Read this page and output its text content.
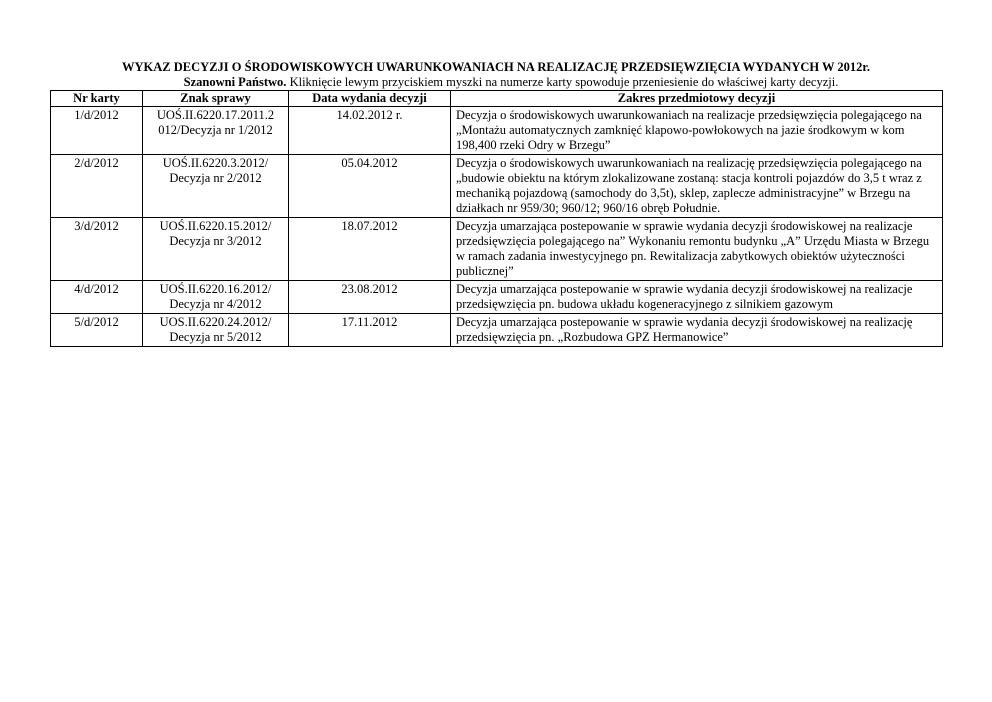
WYKAZ DECYZJI O ŚRODOWISKOWYCH UWARUNKOWANIACH NA REALIZACJĘ PRZEDSIĘWZIĘCIA WYDANYCH W 2012r.

Szanowni Państwo. Kliknięcie lewym przyciskiem myszki na numerze karty spowoduje przeniesienie do właściwej karty decyzji.

Nr karty	Znak sprawy	Data wydania decyzji	Zakres przedmiotowy decyzji
1/d/2012	UOŚ.II.6220.17.2011.2 012/Decyzja nr 1/2012	14.02.2012 r.	Decyzja o środowiskowych uwarunkowaniach na realizacje przedsięwzięcia polegającego na „Montażu automatycznych zamknięć klapowo-powłokowych na jazie środkowym w kom 198,400 rzeki Odry w Brzegu”
2/d/2012	UOŚ.II.6220.3.2012/ Decyzja nr 2/2012	05.04.2012	Decyzja o środowiskowych uwarunkowaniach na realizację przedsięwzięcia polegającego na „budowie obiektu na którym zlokalizowane zostaną: stacja kontroli pojazdów do 3,5 t wraz z mechaniką pojazdową (samochody do 3,5t), sklep, zaplecze administracyjne” w Brzegu na działkach nr 959/30; 960/12; 960/16 obręb Południe.
3/d/2012	UOŚ.II.6220.15.2012/ Decyzja nr 3/2012	18.07.2012	Decyzja umarzająca postepowanie w sprawie wydania decyzji środowiskowej na realizacje przedsięwzięcia polegającego na” Wykonaniu remontu budynku „A” Urzędu Miasta w Brzegu w ramach zadania inwestycyjnego pn. Rewitalizacja zabytkowych obiektów użyteczności publicznej”
4/d/2012	UOŚ.II.6220.16.2012/ Decyzja nr 4/2012	23.08.2012	Decyzja umarzająca postepowanie w sprawie wydania decyzji środowiskowej na realizacje przedsięwzięcia pn. budowa układu kogeneracyjnego z silnikiem gazowym
5/d/2012	UOS.II.6220.24.2012/ Decyzja nr 5/2012	17.11.2012	Decyzja umarzająca postepowanie w sprawie wydania decyzji środowiskowej na realizację przedsięwzięcia pn. „Rozbudowa GPZ Hermanowice”
